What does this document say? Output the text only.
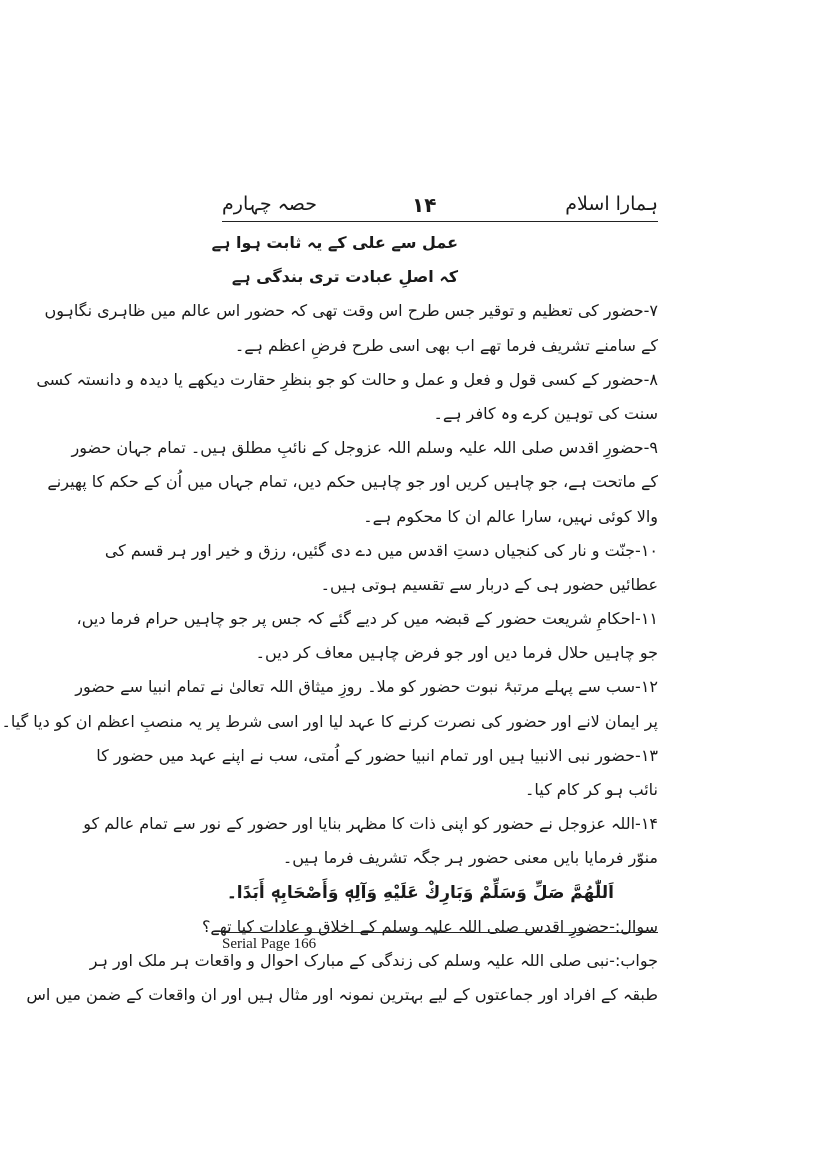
ہمارا اسلام
۱۴
حصہ چہارم
عمل سے علی کے یہ ثابت ہوا ہے
کہ اصلِ عبادت تری بندگی ہے
۷-حضور کی تعظیم و توقیر جس طرح اس وقت تھی کہ حضور اس عالم میں ظاہری نگاہوں
کے سامنے تشریف فرما تھے اب بھی اسی طرح فرضِ اعظم ہے۔
۸-حضور کے کسی قول و فعل و عمل و حالت کو جو بنظرِ حقارت دیکھے یا دیدہ و دانستہ کسی
سنت کی توہین کرے وہ کافر ہے۔
۹-حضورِ اقدس صلی اللہ علیہ وسلم اللہ عزوجل کے نائبِ مطلق ہیں۔ تمام جہان حضور
کے ماتحت ہے، جو چاہیں کریں اور جو چاہیں حکم دیں، تمام جہاں میں اُن کے حکم کا پھیرنے
والا کوئی نہیں، سارا عالم ان کا محکوم ہے۔
۱۰-جنّت و نار کی کنجیاں دستِ اقدس میں دے دی گئیں، رزق و خیر اور ہر قسم کی
عطائیں حضور ہی کے دربار سے تقسیم ہوتی ہیں۔
۱۱-احکامِ شریعت حضور کے قبضہ میں کر دیے گئے کہ جس پر جو چاہیں حرام فرما دیں،
جو چاہیں حلال فرما دیں اور جو فرض چاہیں معاف کر دیں۔
۱۲-سب سے پہلے مرتبۂ نبوت حضور کو ملا۔ روزِ میثاق اللہ تعالیٰ نے تمام انبیا سے حضور
پر ایمان لانے اور حضور کی نصرت کرنے کا عہد لیا اور اسی شرط پر یہ منصبِ اعظم ان کو دیا گیا۔
۱۳-حضور نبی الانبیا ہیں اور تمام انبیا حضور کے اُمتی، سب نے اپنے عہد میں حضور کا
نائب ہو کر کام کیا۔
۱۴-اللہ عزوجل نے حضور کو اپنی ذات کا مظہر بنایا اور حضور کے نور سے تمام عالم کو
منوّر فرمایا بایں معنی حضور ہر جگہ تشریف فرما ہیں۔
اَللّٰهُمَّ صَلِّ وَسَلِّمْ وَبَارِكْ عَلَيْهِ وَآلِهٖ وَأَصْحَابِهٖ أَبَدًا۔
سوال:-حضورِ اقدس صلی اللہ علیہ وسلم کے اخلاق و عادات کیا تھے؟
جواب:-نبی صلی اللہ علیہ وسلم کی زندگی کے مبارک احوال و واقعات ہر ملک اور ہر
طبقہ کے افراد اور جماعتوں کے لیے بہترین نمونہ اور مثال ہیں اور ان واقعات کے ضمن میں اس
Serial Page 166
